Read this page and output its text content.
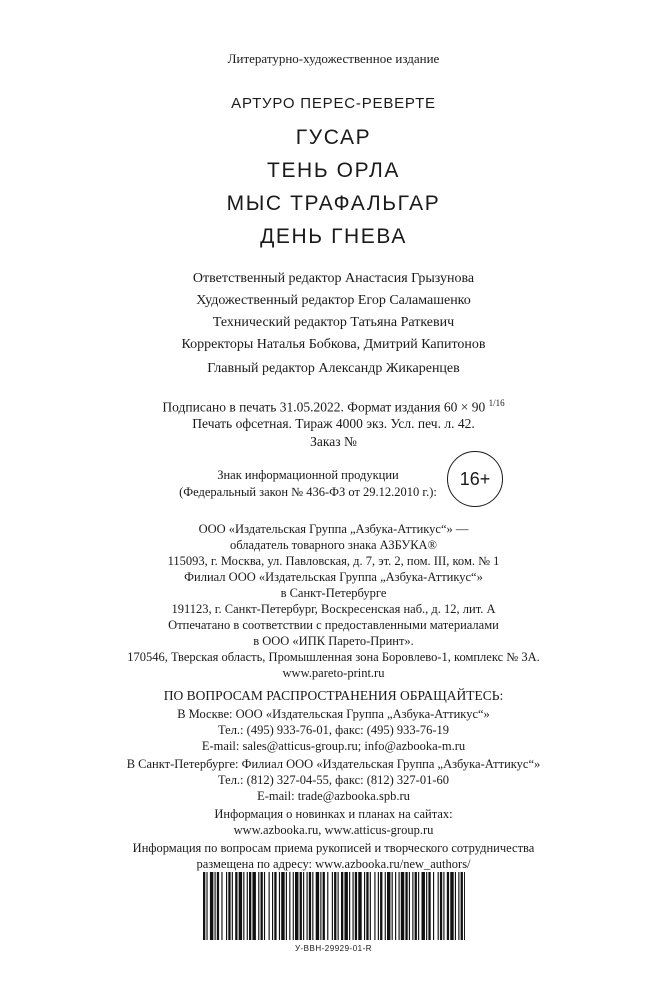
Литературно-художественное издание
АРТУРО ПЕРЕС-РЕВЕРТЕ
ГУСАР
ТЕНЬ ОРЛА
МЫС ТРАФАЛЬГАР
ДЕНЬ ГНЕВА
Ответственный редактор Анастасия Грызунова
Художественный редактор Егор Саламашенко
Технический редактор Татьяна Раткевич
Корректоры Наталья Бобкова, Дмитрий Капитонов
Главный редактор Александр Жикаренцев
Подписано в печать 31.05.2022. Формат издания 60 × 90 $^{1/16}$
Печать офсетная. Тираж 4000 экз. Усл. печ. л. 42.
Заказ №
Знак информационной продукции
(Федеральный закон № 436-ФЗ от 29.12.2010 г.):
16+
ООО «Издательская Группа „Азбука-Аттикус“» —
обладатель товарного знака АЗБУКА®
115093, г. Москва, ул. Павловская, д. 7, эт. 2, пом. III, ком. № 1
Филиал ООО «Издательская Группа „Азбука-Аттикус“»
в Санкт-Петербурге
191123, г. Санкт-Петербург, Воскресенская наб., д. 12, лит. А
Отпечатано в соответствии с предоставленными материалами
в ООО «ИПК Парето-Принт».
170546, Тверская область, Промышленная зона Боровлево-1, комплекс № 3А.
www.pareto-print.ru
ПО ВОПРОСАМ РАСПРОСТРАНЕНИЯ ОБРАЩАЙТЕСЬ:
В Москве: ООО «Издательская Группа „Азбука-Аттикус“»
Тел.: (495) 933-76-01, факс: (495) 933-76-19
E-mail: sales@atticus-group.ru; info@azbooka-m.ru
В Санкт-Петербурге: Филиал ООО «Издательская Группа „Азбука-Аттикус“»
Тел.: (812) 327-04-55, факс: (812) 327-01-60
E-mail: trade@azbooka.spb.ru
Информация о новинках и планах на сайтах:
www.azbooka.ru, www.atticus-group.ru
Информация по вопросам приема рукописей и творческого сотрудничества
размещена по адресу: www.azbooka.ru/new_authors/
У-ВВН-29929-01-R
